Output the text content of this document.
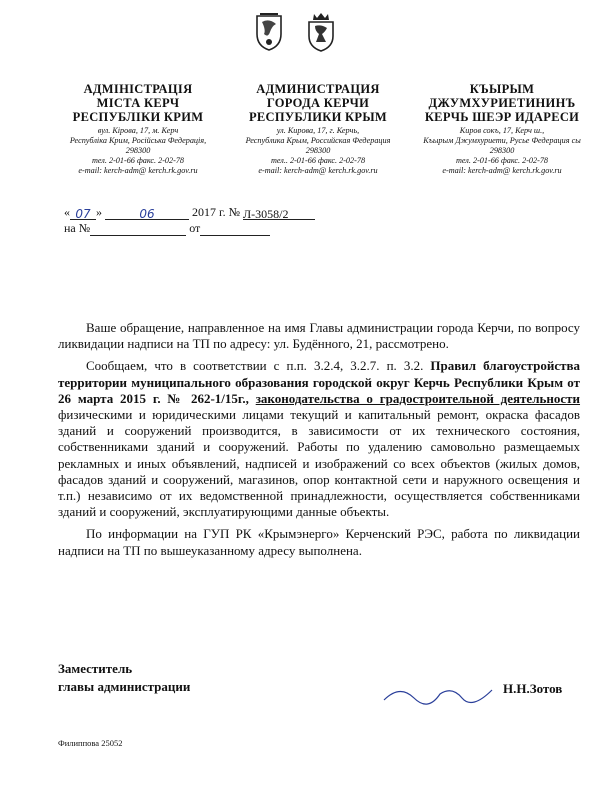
АДМІНІСТРАЦІЯ
МІСТА КЕРЧ
РЕСПУБЛІКИ КРИМ
вул. Кірова, 17, м. Керч
Республіка Крим, Російська Федерація,
298300
тел. 2-01-66 факс. 2-02-78
e-mail: kerch-adm@ kerch.rk.gov.ru
АДМИНИСТРАЦИЯ
ГОРОДА КЕРЧИ
РЕСПУБЛИКИ КРЫМ
ул. Кирова, 17, г. Керчь,
Республика Крым, Российская Федерация
298300
тел.. 2-01-66 факс. 2-02-78
e-mail: kerch-adm@ kerch.rk.gov.ru
КЪЫРЫМ
ДЖУМХУРИЕТИНИНЪ
КЕРЧЬ ШЕЭР ИДАРЕСИ
Киров сокъ, 17, Керч ш.,
Къырым Джумхуриети, Русье Федерация сы
298300
тел. 2-01-66 факс. 2-02-78
e-mail: kerch-adm@ kerch.rk.gov.ru
« 07 »	06	2017 г. № Л-3058/2
на №	от

Ваше обращение, направленное на имя Главы администрации города Керчи, по вопросу ликвидации надписи на ТП по адресу: ул. Будённого, 21, рассмотрено.

Сообщаем, что в соответствии с п.п. 3.2.4, 3.2.7. п. 3.2. Правил благоустройства территории муниципального образования городской округ Керчь Республики Крым от 26 марта 2015 г. № 262-1/15г., законодательства о градостроительной деятельности физическими и юридическими лицами текущий и капитальный ремонт, окраска фасадов зданий и сооружений производится, в зависимости от их технического состояния, собственниками зданий и сооружений. Работы по удалению самовольно размещаемых рекламных и иных объявлений, надписей и изображений со всех объектов (жилых домов, фасадов зданий и сооружений, магазинов, опор контактной сети и наружного освещения и т.п.) независимо от их ведомственной принадлежности, осуществляется собственниками зданий и сооружений, эксплуатирующими данные объекты.

По информации на ГУП РК «Крымэнерго» Керченский РЭС, работа по ликвидации надписи на ТП по вышеуказанному адресу выполнена.

Заместитель
главы администрации	Н.Н.Зотов
Филиппова 25052
